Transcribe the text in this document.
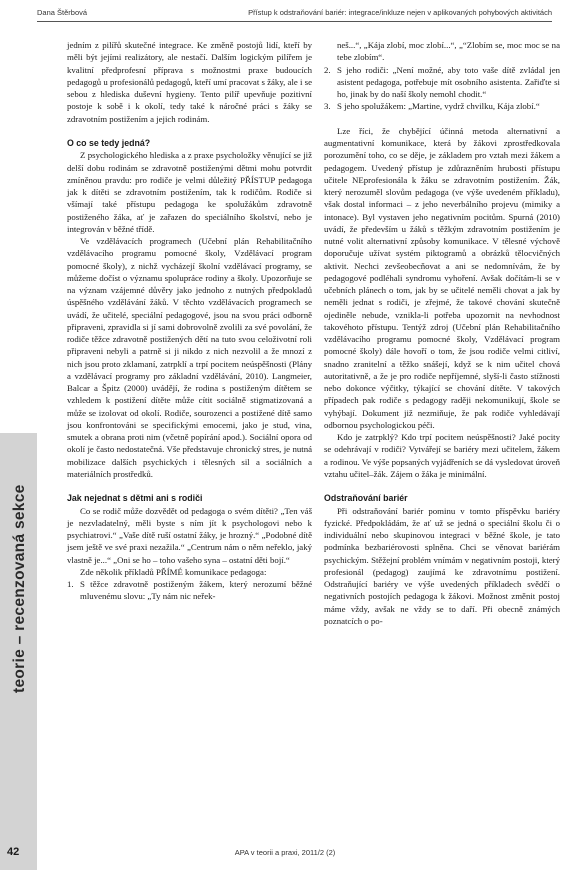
Dana Štěrbová	Přístup k odstraňování bariér: integrace/inkluze nejen v aplikovaných pohybových aktivitách
teorie
–
recenzovaná sekce
42

jedním z pilířů skutečné integrace. Ke změně postojů lidí, kteří by měli být jejími realizátory, ale nestačí. Dalším logickým pilířem je kvalitní předprofesní příprava s možnostmi praxe budoucích pedagogů u profesionálů pedagogů, kteří umí pracovat s žáky, ale i se sebou z hlediska duševní hygieny. Tento pilíř upevňuje pozitivní postoje k sobě i k okolí, tedy také k náročné práci s žáky se zdravotním postižením a jejich rodinám.

O co se tedy jedná?

Z psychologického hlediska a z praxe psycholožky věnující se již delší dobu rodinám se zdravotně postiženými dětmi mohu potvrdit zmíněnou pravdu: pro rodiče je velmi důležitý PŘÍSTUP pedagoga jak k dítěti se zdravotním postižením, tak k rodičům. Rodiče si všímají také přístupu pedagoga ke spolužákům zdravotně postiženého žáka, ať je zařazen do speciálního školství, nebo je integrován v běžné třídě.

Ve vzdělávacích programech (Učební plán Rehabilitačního vzdělávacího programu pomocné školy, Vzdělávací program pomocné školy), z nichž vycházejí školní vzdělávací programy, se můžeme dočíst o významu spolupráce rodiny a školy. Upozorňuje se na význam vzájemné důvěry jako jednoho z nutných předpokladů úspěšného vzdělávání žáků. V těchto vzdělávacích programech se uvádí, že učitelé, speciální pedagogové, jsou na svou práci odborně připraveni, zpravidla si jí sami dobrovolně zvolili za své povolání, že rodiče těžce zdravotně postižených dětí na tuto svou celoživotní roli připraveni nebyli a patrně si ji nikdo z nich nezvolil a že mnozí z nich jsou proto zklamaní, zatrpklí a trpí pocitem neúspěšnosti (Plány a vzdělávací programy pro základní vzdělávání, 2010). Langmeier, Balcar a Špitz (2000) uvádějí, že rodina s postiženým dítětem se vzhledem k postižení dítěte může cítit sociálně stigmatizovaná a může se izolovat od okolí. Rodiče, sourozenci a postižené dítě samo jsou konfrontováni se specifickými emocemi, jako je stud, vina, smutek a obrana proti nim (včetně popírání apod.). Sociální opora od okolí je často nedostatečná. Vše představuje chronický stres, je nutná mobilizace dalších psychických i tělesných sil a sociálních a materiálních prostředků.

Jak nejednat s dětmi ani s rodiči

Co se rodič může dozvědět od pedagoga o svém dítěti? „Ten váš je nezvladatelný, měli byste s ním jít k psychologovi nebo k psychiatrovi.“ „Vaše dítě ruší ostatní žáky, je hrozný.“ „Podobné dítě jsem ještě ve své praxi nezažila.“ „Centrum nám o něm neřeklo, jaký vlastně je...“ „Oni se ho – toho vašeho syna – ostatní děti bojí.“

Zde několik příkladů PŘÍMÉ komunikace pedagoga:

1. S těžce zdravotně postiženým žákem, který nerozumí běžné mluvenému slovu: „Ty nám nic neřek-

neš...“, „Kája zlobí, moc zlobí...“, „“Zlobím se, moc moc se na tebe zlobím“.

2. S jeho rodiči: „Není možné, aby toto vaše dítě zvládal jen asistent pedagoga, potřebuje mít osobního asistenta. Zařiďte si ho, jinak by do naší školy nemohl chodit.“
3. S jeho spolužákem: „Martine, vydrž chvilku, Kája zlobí.“

Lze říci, že chybějící účinná metoda alternativní a augmentativní komunikace, která by žákovi zprostředkovala porozumění toho, co se děje, je základem pro vztah mezi žákem a pedagogem. Uvedený přístup je zdůrazněním hrubosti přístupu učitele NEprofesionála k žáku se zdravotním postižením. Žák, který nerozuměl slovům pedagoga (ve výše uvedeném příkladu), však dostal informaci – z jeho neverbálního projevu (mimiky a intonace). Byl vystaven jeho negativním pocitům. Spurná (2010) uvádí, že především u žáků s těžkým zdravotním postižením je nutné volit alternativní způsoby komunikace. V tělesné výchově doporučuje užívat systém piktogramů a obrázků tělocvičných aktivit. Nechci zevšeobecňovat a ani se nedomnívám, že by pedagogové podléhali syndromu vyhoření. Avšak dočítám-li se v učebních plánech o tom, jak by se učitelé neměli chovat a jak by neměli jednat s rodiči, je zřejmé, že takové chování skutečně ojediněle nebude, vznikla-li potřeba upozornit na nevhodnost takovéhoto přístupu. Tentýž zdroj (Učební plán Rehabilitačního vzdělávacího programu pomocné školy, Vzdělávací program pomocné školy) dále hovoří o tom, že jsou rodiče velmi citliví, snadno zranitelní a těžko snášejí, když se k nim učitel chová autoritativně, a že je pro rodiče nepříjemné, slyší-li často stížnosti nebo dokonce výčitky, týkající se chování dítěte. V takových případech pak rodiče s pedagogy raději nekomunikují, škole se vyhýbají. Dokument již nezmiňuje, že pak rodiče vyhledávají odbornou psychologickou péči.

Kdo je zatrpklý? Kdo trpí pocitem neúspěšnosti? Jaké pocity se odehrávají v rodiči? Vytvářejí se bariéry mezi učitelem, žákem a rodinou. Ve výše popsaných vyjádřeních se dá vysledovat úroveň vztahu učitel–žák. Zájem o žáka je minimální.

Odstraňování bariér

Při odstraňování bariér pominu v tomto příspěvku bariéry fyzické. Předpokládám, že ať už se jedná o speciální školu či o individuální nebo skupinovou integraci v běžné škole, je tato podmínka bezbariérovosti splněna. Chci se věnovat bariérám psychickým. Stěžejní problém vnímám v negativním postoji, který profesionál (pedagog) zaujímá ke zdravotnímu postižení. Odstraňující bariéry ve výše uvedených příkladech svědčí o negativních postojích pedagoga k žákovi. Možnost změnit postoj máme vždy, avšak ne vždy se to daří. Při obecně známých poznatcích o po-

APA v teorii a praxi, 2011/2 (2)
